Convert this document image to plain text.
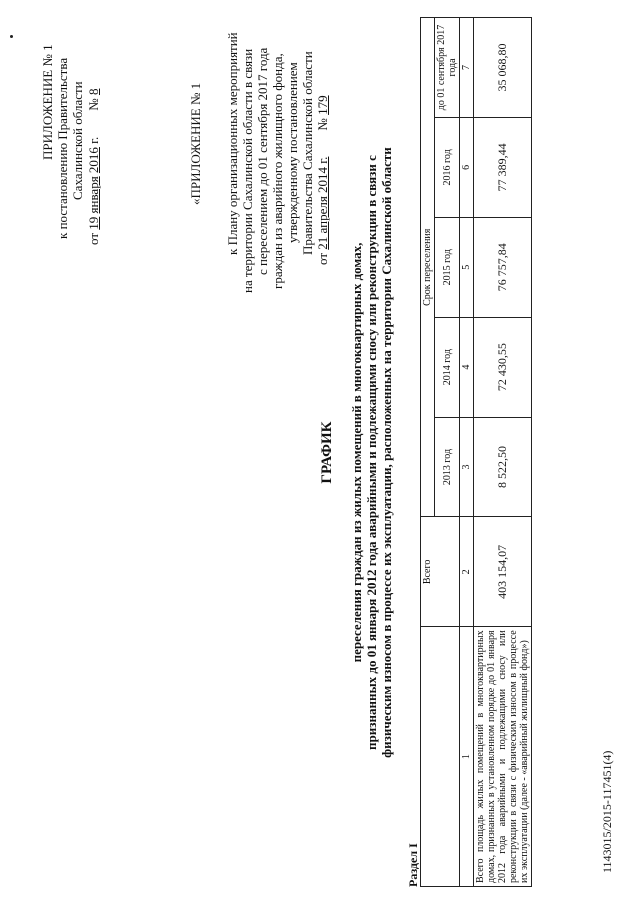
ПРИЛОЖЕНИЕ № 1 к постановлению Правительства Сахалинской области
от 19 января 2016 г.        № 8	«ПРИЛОЖЕНИЕ № 1 к Плану организационных мероприятий на территории Сахалинской области в связи с переселением до 01 сентября 2017 года граждан из аварийного жилищного фонда, утвержденному постановлением Правительства Сахалинской области
от 21 апреля 2014 г.        № 179
ГРАФИК переселения граждан из жилых помещений в многоквартирных домах, признанных до 01 января 2012 года аварийными и подлежащими сносу или реконструкции в связи с физическим износом в процессе их эксплуатации, расположенных на территории Сахалинской области
Раздел I
	Всего	Срок переселения				
		2013 год	2014 год	2015 год	2016 год	до 01 сентября 2017 года
1	2	3	4	5	6	7
Всего площадь жилых помещений в многоквартирных домах, признанных в установленном порядке до 01 января 2012 года аварийными и подлежащими сносу или реконструкции в связи с физическим износом в процессе их эксплуатации (далее - «аварийный жилищный фонд»)	403 154,07	8 522,50	72 430,55	76 757,84	77 389,44	35 068,80
1143015/2015-117451(4)
